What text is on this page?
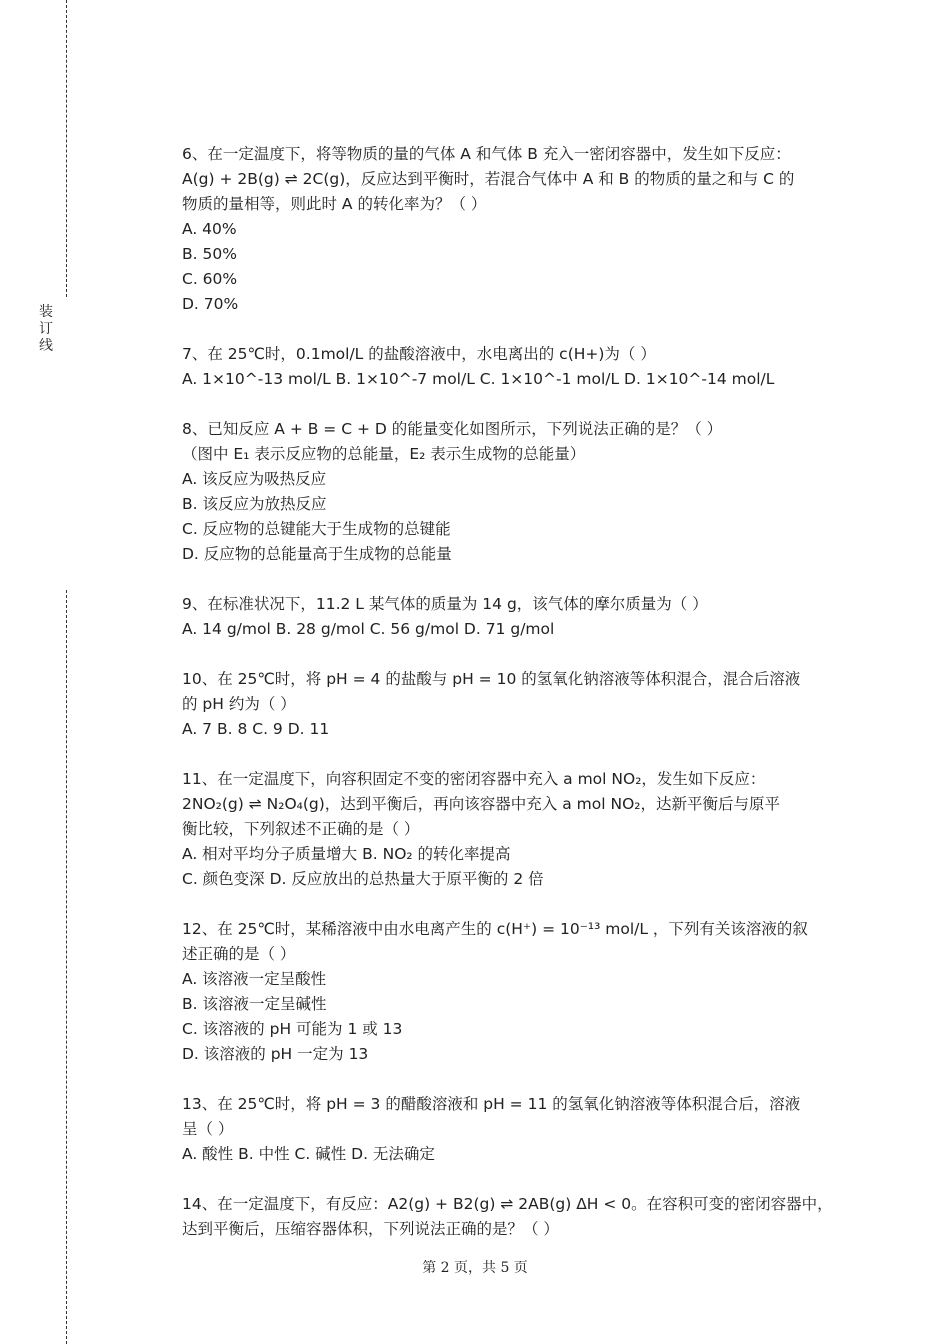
装
订
线
6、在一定温度下，将等物质的量的气体 A 和气体 B 充入一密闭容器中，发生如下反应：
A(g) + 2B(g) ⇌ 2C(g)，反应达到平衡时，若混合气体中 A 和 B 的物质的量之和与 C 的
物质的量相等，则此时 A 的转化率为？（ ）
A. 40%
B. 50%
C. 60%
D. 70%
7、在 25℃时，0.1mol/L 的盐酸溶液中，水电离出的 c(H+)为（ ）
A. 1×10^-13 mol/L B. 1×10^-7 mol/L C. 1×10^-1 mol/L D. 1×10^-14 mol/L
8、已知反应 A + B = C + D 的能量变化如图所示，下列说法正确的是？（ ）
（图中 E₁ 表示反应物的总能量，E₂ 表示生成物的总能量）
A. 该反应为吸热反应
B. 该反应为放热反应
C. 反应物的总键能大于生成物的总键能
D. 反应物的总能量高于生成物的总能量
9、在标准状况下，11.2 L 某气体的质量为 14 g，该气体的摩尔质量为（ ）
A. 14 g/mol B. 28 g/mol C. 56 g/mol D. 71 g/mol
10、在 25℃时，将 pH = 4 的盐酸与 pH = 10 的氢氧化钠溶液等体积混合，混合后溶液
的 pH 约为（ ）
A. 7 B. 8 C. 9 D. 11
11、在一定温度下，向容积固定不变的密闭容器中充入 a mol NO₂，发生如下反应：
2NO₂(g) ⇌ N₂O₄(g)，达到平衡后，再向该容器中充入 a mol NO₂，达新平衡后与原平
衡比较，下列叙述不正确的是（ ）
A. 相对平均分子质量增大 B. NO₂ 的转化率提高
C. 颜色变深 D. 反应放出的总热量大于原平衡的 2 倍
12、在 25℃时，某稀溶液中由水电离产生的 c(H⁺) = 10⁻¹³ mol/L ，下列有关该溶液的叙
述正确的是（ ）
A. 该溶液一定呈酸性
B. 该溶液一定呈碱性
C. 该溶液的 pH 可能为 1 或 13
D. 该溶液的 pH 一定为 13
13、在 25℃时，将 pH = 3 的醋酸溶液和 pH = 11 的氢氧化钠溶液等体积混合后，溶液
呈（ ）
A. 酸性 B. 中性 C. 碱性 D. 无法确定
14、在一定温度下，有反应：A2(g) + B2(g) ⇌ 2AB(g) ΔH < 0。在容积可变的密闭容器中，
达到平衡后，压缩容器体积，下列说法正确的是？（ ）
第 2 页，共 5 页
